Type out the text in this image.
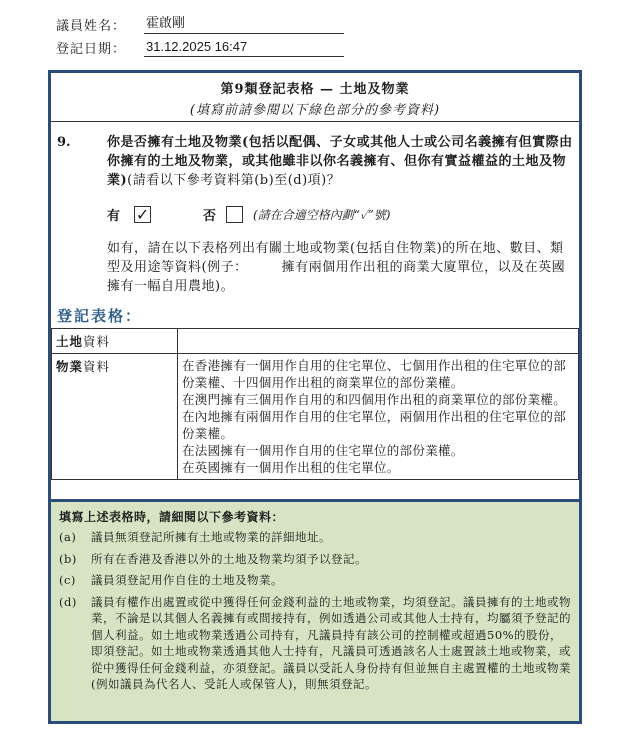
議員姓名：	霍啟剛
登記日期：	31.12.2025 16:47
第9類登記表格 — 土地及物業
(填寫前請參閱以下綠色部分的參考資料)
9.	你是否擁有土地及物業(包括以配偶、子女或其他人士或公司名義擁有但實際由你擁有的土地及物業，或其他雖非以你名義擁有、但你有實益權益的土地及物業)(請看以下參考資料第(b)至(d)項)？
有 ✓	否	(請在合適空格內劃“✓”號)
如有，請在以下表格列出有關土地或物業(包括自住物業)的所在地、數目、類型及用途等資料(例子：　　　擁有兩個用作出租的商業大廈單位，以及在英國擁有一幅自用農地)。
登記表格：
土地資料	
物業資料	在香港擁有一個用作自用的住宅單位、七個用作出租的住宅單位的部份業權、十四個用作出租的商業單位的部份業權。
在澳門擁有三個用作自用的和四個用作出租的商業單位的部份業權。
在內地擁有兩個用作自用的住宅單位，兩個用作出租的住宅單位的部份業權。
在法國擁有一個用作自用的住宅單位的部份業權。
在英國擁有一個用作出租的住宅單位。
填寫上述表格時，請細閱以下參考資料：
(a)	議員無須登記所擁有土地或物業的詳細地址。
(b)	所有在香港及香港以外的土地及物業均須予以登記。
(c)	議員須登記用作自住的土地及物業。
(d)	議員有權作出處置或從中獲得任何金錢利益的土地或物業，均須登記。議員擁有的土地或物業，不論是以其個人名義擁有或間接持有，例如透過公司或其他人士持有，均屬須予登記的個人利益。如土地或物業透過公司持有，凡議員持有該公司的控制權或超過50%的股份，即須登記。如土地或物業透過其他人士持有，凡議員可透過該名人士處置該土地或物業，或從中獲得任何金錢利益，亦須登記。議員以受託人身份持有但並無自主處置權的土地或物業(例如議員為代名人、受託人或保管人)，則無須登記。
